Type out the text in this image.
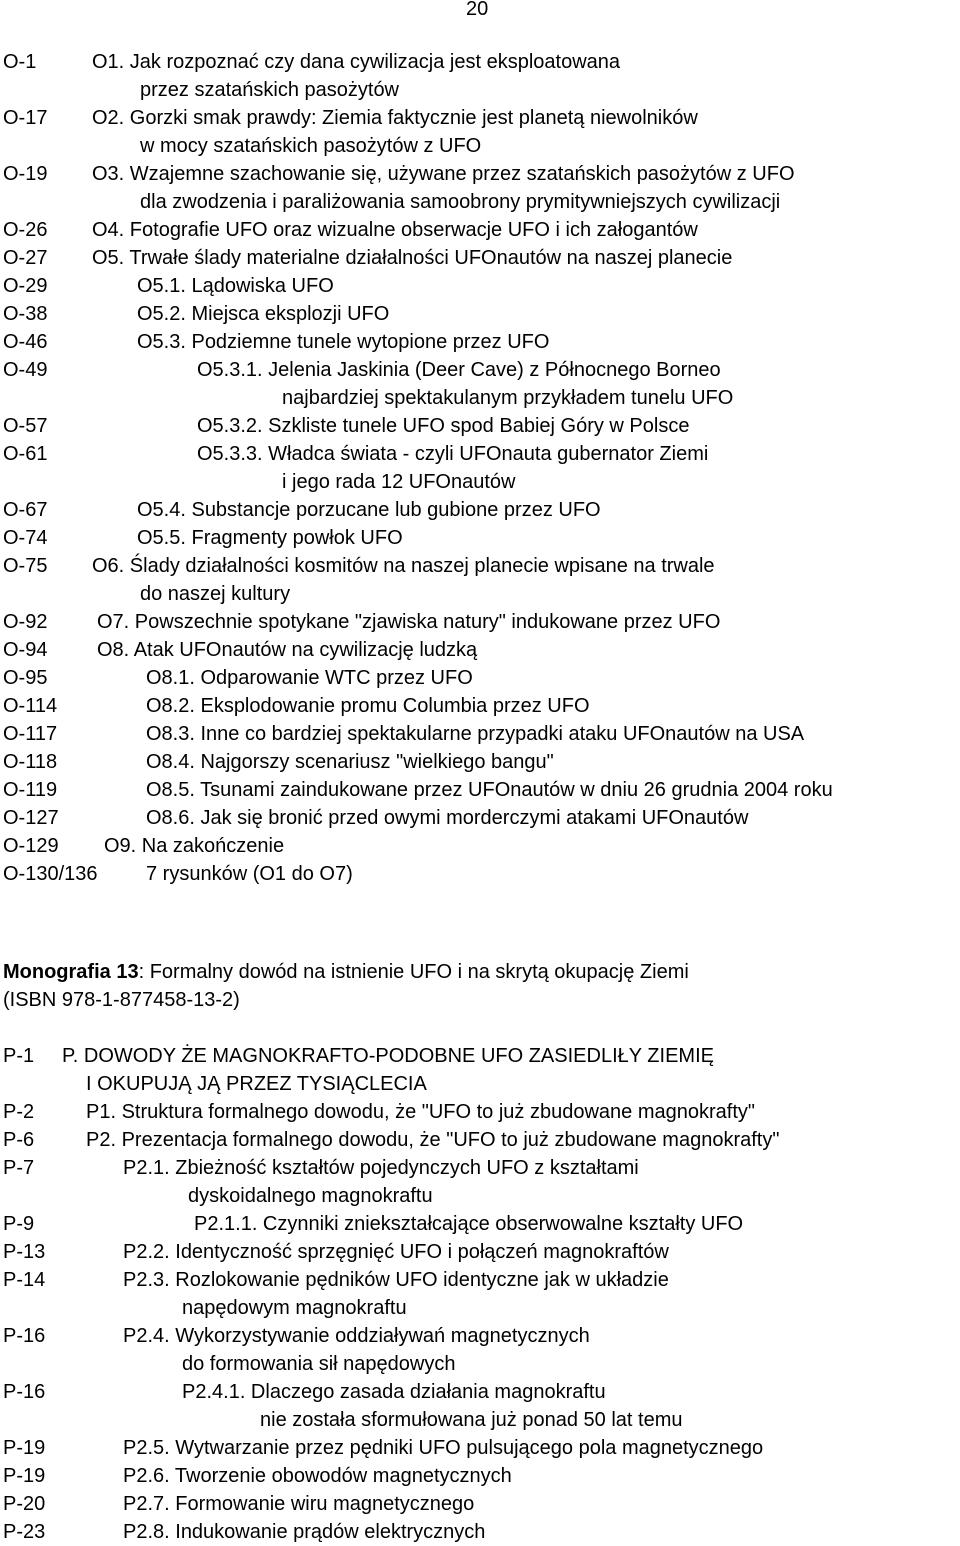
20
O-1	O1. Jak rozpoznać czy dana cywilizacja jest eksploatowana
przez szatańskich pasożytów
O-17 O2. Gorzki smak prawdy: Ziemia faktycznie jest planetą niewolników
w mocy szatańskich pasożytów z UFO
O-19 O3. Wzajemne szachowanie się, używane przez szatańskich pasożytów z UFO
dla zwodzenia i paraliżowania samoobrony prymitywniejszych cywilizacji
O-26 O4. Fotografie UFO oraz wizualne obserwacje UFO i ich załogantów
O-27 O5. Trwałe ślady materialne działalności UFOnautów na naszej planecie
O-29	O5.1. Lądowiska UFO
O-38	O5.2. Miejsca eksplozji UFO
O-46	O5.3. Podziemne tunele wytopione przez UFO
O-49	O5.3.1. Jelenia Jaskinia (Deer Cave) z Północnego Borneo
najbardziej spektakulanym przykładem tunelu UFO
O-57	O5.3.2. Szkliste tunele UFO spod Babiej Góry w Polsce
O-61	O5.3.3. Władca świata - czyli UFOnauta gubernator Ziemi
i jego rada 12 UFOnautów
O-67	O5.4. Substancje porzucane lub gubione przez UFO
O-74	O5.5. Fragmenty powłok UFO
O-75 O6. Ślady działalności kosmitów na naszej planecie wpisane na trwale
do naszej kultury
O-92 O7. Powszechnie spotykane "zjawiska natury" indukowane przez UFO
O-94 O8. Atak UFOnautów na cywilizację ludzką
O-95	O8.1. Odparowanie WTC przez UFO
O-114	O8.2. Eksplodowanie promu Columbia przez UFO
O-117	O8.3. Inne co bardziej spektakularne przypadki ataku UFOnautów na USA
O-118	O8.4. Najgorszy scenariusz "wielkiego bangu"
O-119	O8.5. Tsunami zaindukowane przez UFOnautów w dniu 26 grudnia 2004 roku
O-127	O8.6. Jak się bronić przed owymi morderczymi atakami UFOnautów
O-129 O9. Na zakończenie
O-130/136 7 rysunków (O1 do O7)
Monografia 13: Formalny dowód na istnienie UFO i na skrytą okupację Ziemi
(ISBN 978-1-877458-13-2)
P-1 P. DOWODY ŻE MAGNOKRAFTO-PODOBNE UFO ZASIEDLIŁY ZIEMIĘ
I OKUPUJĄ JĄ PRZEZ TYSIĄCLECIA
P-2	P1. Struktura formalnego dowodu, że "UFO to już zbudowane magnokrafty"
P-6	P2. Prezentacja formalnego dowodu, że "UFO to już zbudowane magnokrafty"
P-7	P2.1. Zbieżność kształtów pojedynczych UFO z kształtami
dyskoidalnego magnokraftu
P-9	P2.1.1. Czynniki zniekształcające obserwowalne kształty UFO
P-13	P2.2. Identyczność sprzęgnięć UFO i połączeń magnokraftów
P-14	P2.3. Rozlokowanie pędników UFO identyczne jak w układzie
napędowym magnokraftu
P-16	P2.4. Wykorzystywanie oddziaływań magnetycznych
do formowania sił napędowych
P-16	P2.4.1. Dlaczego zasada działania magnokraftu
nie została sformułowana już ponad 50 lat temu
P-19	P2.5. Wytwarzanie przez pędniki UFO pulsującego pola magnetycznego
P-19	P2.6. Tworzenie obowodów magnetycznych
P-20	P2.7. Formowanie wiru magnetycznego
P-23	P2.8. Indukowanie prądów elektrycznych
